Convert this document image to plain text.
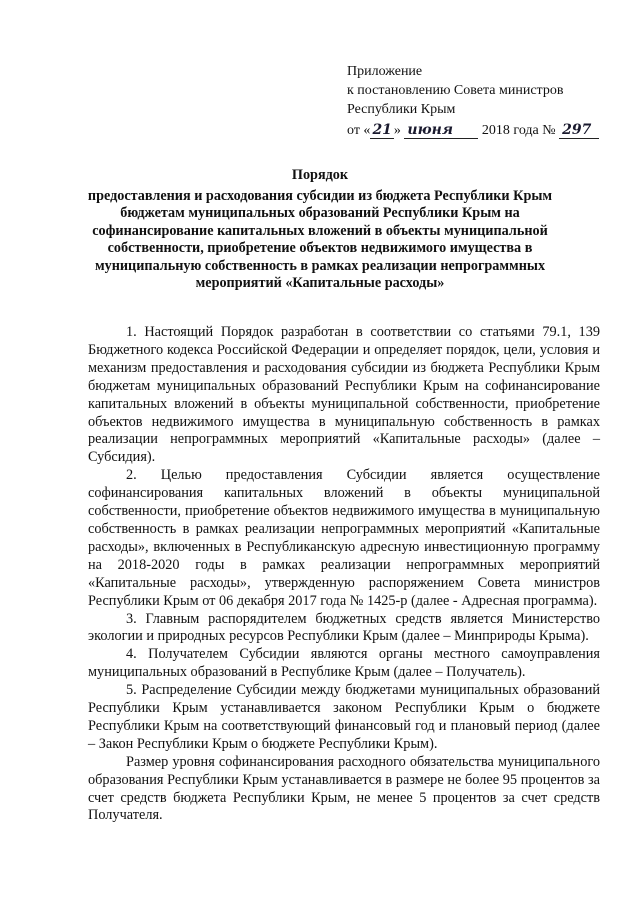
Приложение
к постановлению Совета министров
Республики Крым
от « 21 » июня 2018 года № 297
Порядок
предоставления и расходования субсидии из бюджета Республики Крым бюджетам муниципальных образований Республики Крым на софинансирование капитальных вложений в объекты муниципальной собственности, приобретение объектов недвижимого имущества в муниципальную собственность в рамках реализации непрограммных мероприятий «Капитальные расходы»

1. Настоящий Порядок разработан в соответствии со статьями 79.1, 139 Бюджетного кодекса Российской Федерации и определяет порядок, цели, условия и механизм предоставления и расходования субсидии из бюджета Республики Крым бюджетам муниципальных образований Республики Крым на софинансирование капитальных вложений в объекты муниципальной собственности, приобретение объектов недвижимого имущества в муниципальную собственность в рамках реализации непрограммных мероприятий «Капитальные расходы» (далее – Субсидия).

2. Целью предоставления Субсидии является осуществление софинансирования капитальных вложений в объекты муниципальной собственности, приобретение объектов недвижимого имущества в муниципальную собственность в рамках реализации непрограммных мероприятий «Капитальные расходы», включенных в Республиканскую адресную инвестиционную программу на 2018-2020 годы в рамках реализации непрограммных мероприятий «Капитальные расходы», утвержденную распоряжением Совета министров Республики Крым от 06 декабря 2017 года № 1425-р (далее - Адресная программа).

3. Главным распорядителем бюджетных средств является Министерство экологии и природных ресурсов Республики Крым (далее – Минприроды Крыма).

4. Получателем Субсидии являются органы местного самоуправления муниципальных образований в Республике Крым (далее – Получатель).

5. Распределение Субсидии между бюджетами муниципальных образований Республики Крым устанавливается законом Республики Крым о бюджете Республики Крым на соответствующий финансовый год и плановый период (далее – Закон Республики Крым о бюджете Республики Крым).

Размер уровня софинансирования расходного обязательства муниципального образования Республики Крым устанавливается в размере не более 95 процентов за счет средств бюджета Республики Крым, не менее 5 процентов за счет средств Получателя.
